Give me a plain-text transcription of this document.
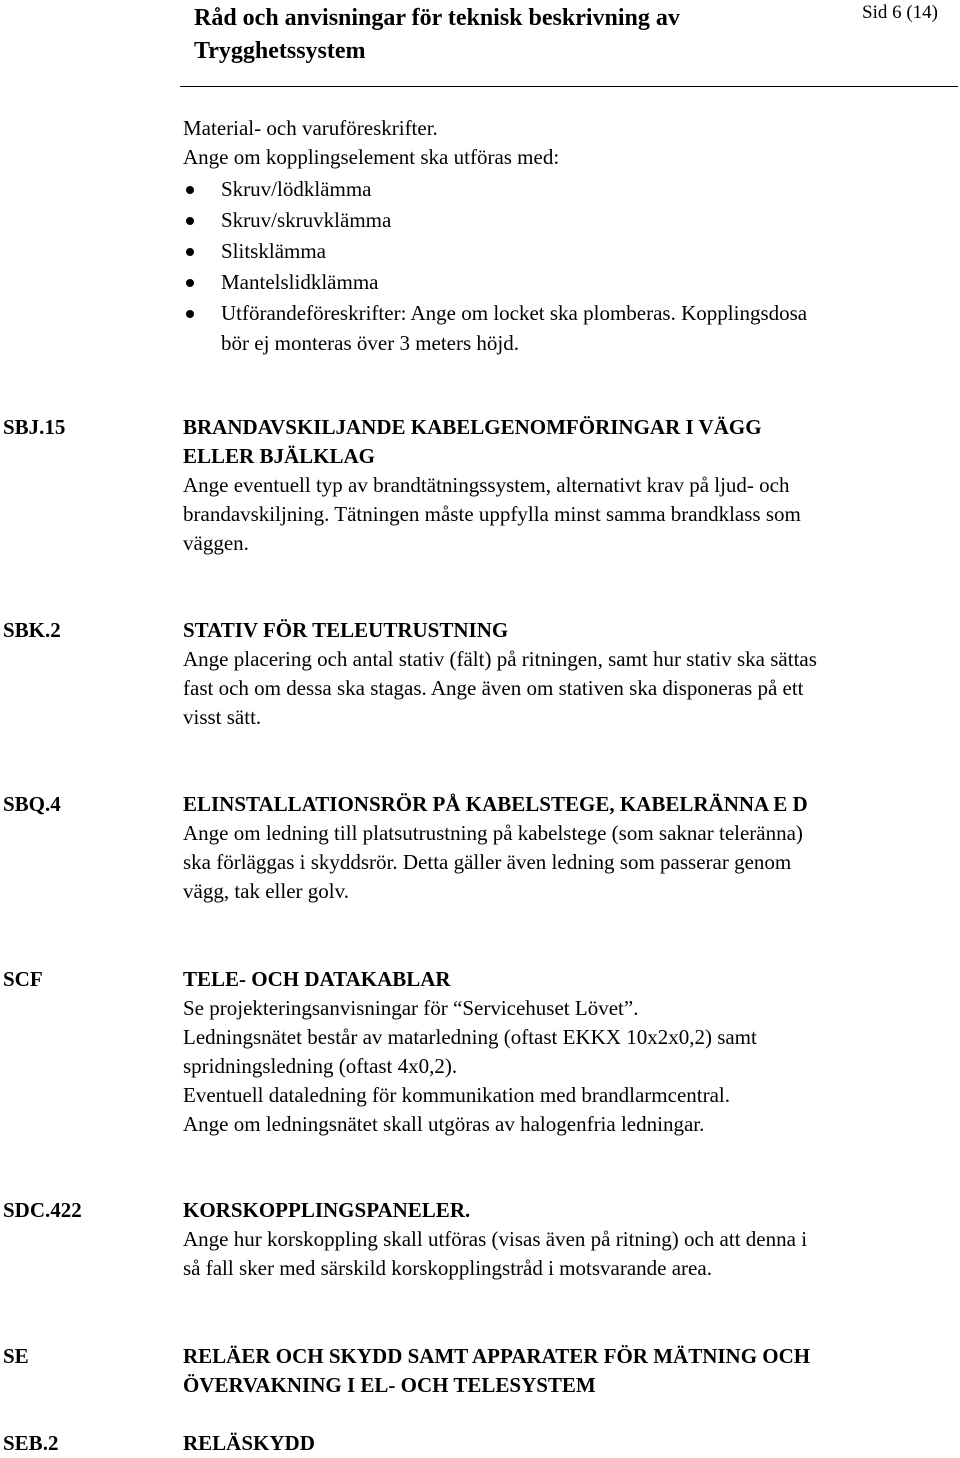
Råd och anvisningar för teknisk beskrivning av Trygghetssystem
Sid 6 (14)
Material- och varuföreskrifter.
Ange om kopplingselement ska utföras med:
Skruv/lödklämma
Skruv/skruvklämma
Slitsklämma
Mantelslidklämma
Utförandeföreskrifter: Ange om locket ska plomberas. Kopplingsdosa
bör ej monteras över 3 meters höjd.
SBJ.15	BRANDAVSKILJANDE KABELGENOMFÖRINGAR I VÄGG
ELLER BJÄLKLAG
Ange eventuell typ av brandtätningssystem, alternativt krav på ljud- och
brandavskiljning. Tätningen måste uppfylla minst samma brandklass som
väggen.
SBK.2	STATIV FÖR TELEUTRUSTNING
Ange placering och antal stativ (fält) på ritningen, samt hur stativ ska sättas
fast och om dessa ska stagas. Ange även om stativen ska disponeras på ett
visst sätt.
SBQ.4	ELINSTALLATIONSRÖR PÅ KABELSTEGE, KABELRÄNNA E D
Ange om ledning till platsutrustning på kabelstege (som saknar teleränna)
ska förläggas i skyddsrör. Detta gäller även ledning som passerar genom
vägg, tak eller golv.
SCF	TELE- OCH DATAKABLAR
Se projekteringsanvisningar för “Servicehuset Lövet”.
Ledningsnätet består av matarledning (oftast EKKX 10x2x0,2) samt
spridningsledning (oftast 4x0,2).
Eventuell dataledning för kommunikation med brandlarmcentral.
Ange om ledningsnätet skall utgöras av halogenfria ledningar.
SDC.422	KORSKOPPLINGSPANELER.
Ange hur korskoppling skall utföras (visas även på ritning) och att denna i
så fall sker med särskild korskopplingstråd i motsvarande area.
SE	RELÄER OCH SKYDD SAMT APPARATER FÖR MÄTNING OCH
ÖVERVAKNING I EL- OCH TELESYSTEM
SEB.2	RELÄSKYDD
